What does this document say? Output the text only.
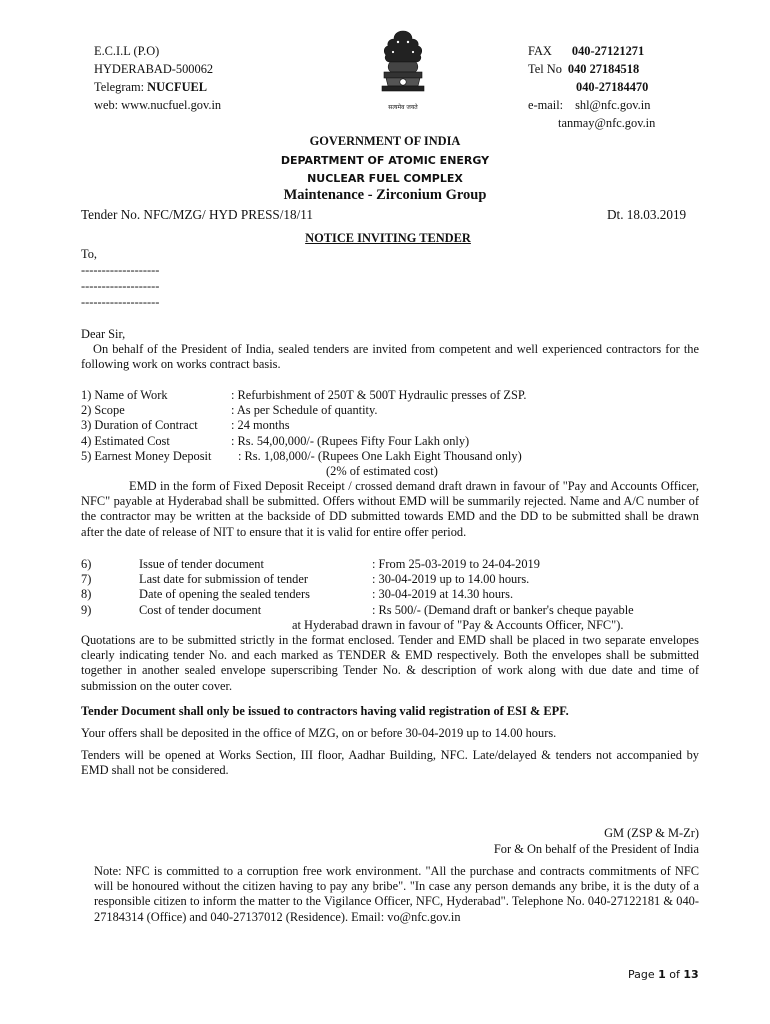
E.C.I.L (P.O)
HYDERABAD-500062
Telegram: NUCFUEL
web: www.nucfuel.gov.in	सत्यमेव जयते
FAX 040-27121271
Tel No 040 27184518
040-27184470
e-mail: shl@nfc.gov.in
tanmay@nfc.gov.in
GOVERNMENT OF INDIA
DEPARTMENT OF ATOMIC ENERGY
NUCLEAR FUEL COMPLEX
Maintenance - Zirconium Group
Tender No. NFC/MZG/ HYD PRESS/18/11	Dt. 18.03.2019
NOTICE INVITING TENDER
To,
-------------------
-------------------
-------------------
Dear Sir,
On behalf of the President of India, sealed tenders are invited from competent and well experienced contractors for the following work on works contract basis.
1) Name of Work	: Refurbishment of 250T & 500T Hydraulic presses of ZSP.
2) Scope	: As per Schedule of quantity.
3) Duration of Contract	: 24 months
4) Estimated Cost	: Rs. 54,00,000/- (Rupees Fifty Four Lakh only)
5) Earnest Money Deposit : Rs. 1,08,000/- (Rupees One Lakh Eight Thousand only)
(2% of estimated cost)
EMD in the form of Fixed Deposit Receipt / crossed demand draft drawn in favour of "Pay and Accounts Officer, NFC" payable at Hyderabad shall be submitted. Offers without EMD will be summarily rejected. Name and A/C number of the contractor may be written at the backside of DD submitted towards EMD and the DD to be submitted shall be drawn after the date of release of NIT to ensure that it is valid for entire offer period.
6)	Issue of tender document	: From 25-03-2019 to 24-04-2019
7)	Last date for submission of tender	: 30-04-2019 up to 14.00 hours.
8)	Date of opening the sealed tenders	: 30-04-2019 at 14.30 hours.
9)	Cost of tender document	: Rs 500/- (Demand draft or banker's cheque payable
at Hyderabad drawn in favour of "Pay & Accounts Officer, NFC").
Quotations are to be submitted strictly in the format enclosed. Tender and EMD shall be placed in two separate envelopes clearly indicating tender No. and each marked as TENDER & EMD respectively. Both the envelopes shall be submitted together in another sealed envelope superscribing Tender No. & description of work along with due date and time of submission on the outer cover.
Tender Document shall only be issued to contractors having valid registration of ESI & EPF.
Your offers shall be deposited in the office of MZG, on or before 30-04-2019 up to 14.00 hours.
Tenders will be opened at Works Section, III floor, Aadhar Building, NFC. Late/delayed & tenders not accompanied by EMD shall not be considered.
GM (ZSP & M-Zr)
For & On behalf of the President of India
Note: NFC is committed to a corruption free work environment. "All the purchase and contracts commitments of NFC will be honoured without the citizen having to pay any bribe". "In case any person demands any bribe, it is the duty of a responsible citizen to inform the matter to the Vigilance Officer, NFC, Hyderabad". Telephone No. 040-27122181 & 040-27184314 (Office) and 040-27137012 (Residence). Email: vo@nfc.gov.in
Page 1 of 13
